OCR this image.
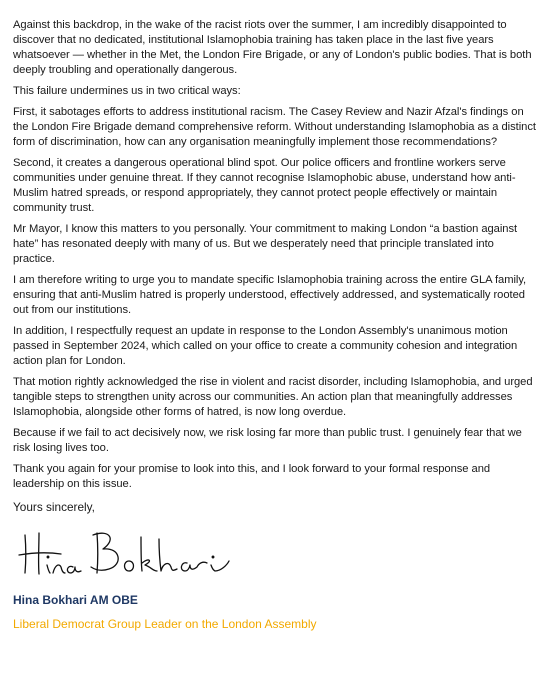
Against this backdrop, in the wake of the racist riots over the summer, I am incredibly disappointed to discover that no dedicated, institutional Islamophobia training has taken place in the last five years whatsoever — whether in the Met, the London Fire Brigade, or any of London's public bodies. That is both deeply troubling and operationally dangerous.

This failure undermines us in two critical ways:

First, it sabotages efforts to address institutional racism. The Casey Review and Nazir Afzal's findings on the London Fire Brigade demand comprehensive reform. Without understanding Islamophobia as a distinct form of discrimination, how can any organisation meaningfully implement those recommendations?

Second, it creates a dangerous operational blind spot. Our police officers and frontline workers serve communities under genuine threat. If they cannot recognise Islamophobic abuse, understand how anti-Muslim hatred spreads, or respond appropriately, they cannot protect people effectively or maintain community trust.

Mr Mayor, I know this matters to you personally. Your commitment to making London “a bastion against hate” has resonated deeply with many of us. But we desperately need that principle translated into practice.

I am therefore writing to urge you to mandate specific Islamophobia training across the entire GLA family, ensuring that anti-Muslim hatred is properly understood, effectively addressed, and systematically rooted out from our institutions.

In addition, I respectfully request an update in response to the London Assembly's unanimous motion passed in September 2024, which called on your office to create a community cohesion and integration action plan for London.

That motion rightly acknowledged the rise in violent and racist disorder, including Islamophobia, and urged tangible steps to strengthen unity across our communities. An action plan that meaningfully addresses Islamophobia, alongside other forms of hatred, is now long overdue.

Because if we fail to act decisively now, we risk losing far more than public trust. I genuinely fear that we risk losing lives too.

Thank you again for your promise to look into this, and I look forward to your formal response and leadership on this issue.

Yours sincerely,

Hina Bokhari AM OBE

Liberal Democrat Group Leader on the London Assembly
